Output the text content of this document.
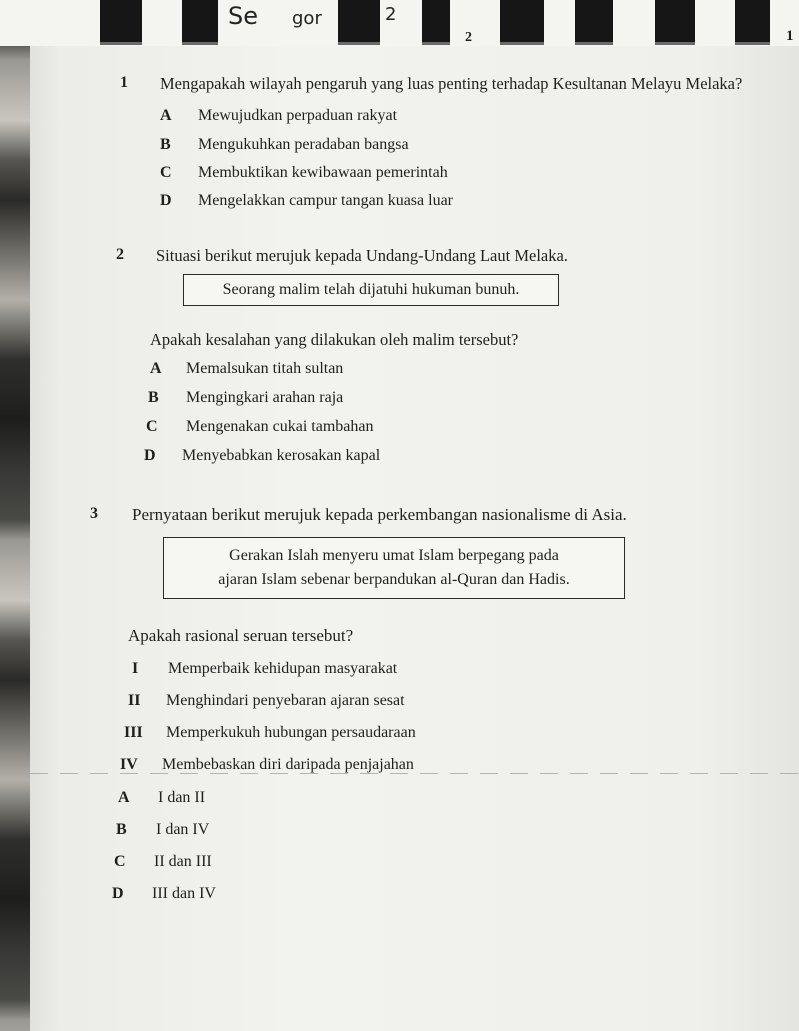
Se gor	2
2	1
1 Mengapakah wilayah pengaruh yang luas penting terhadap Kesultanan Melayu Melaka?
A Mewujudkan perpaduan rakyat
B Mengukuhkan peradaban bangsa
C Membuktikan kewibawaan pemerintah
D Mengelakkan campur tangan kuasa luar
2 Situasi berikut merujuk kepada Undang-Undang Laut Melaka.
Seorang malim telah dijatuhi hukuman bunuh.
Apakah kesalahan yang dilakukan oleh malim tersebut?
A Memalsukan titah sultan
B Mengingkari arahan raja
C Mengenakan cukai tambahan
D Menyebabkan kerosakan kapal
3 Pernyataan berikut merujuk kepada perkembangan nasionalisme di Asia.
Gerakan Islah menyeru umat Islam berpegang pada
ajaran Islam sebenar berpandukan al-Quran dan Hadis.
Apakah rasional seruan tersebut?
I Memperbaik kehidupan masyarakat
II Menghindari penyebaran ajaran sesat
III Memperkukuh hubungan persaudaraan
IV Membebaskan diri daripada penjajahan
A I dan II
B I dan IV
C II dan III
D III dan IV
